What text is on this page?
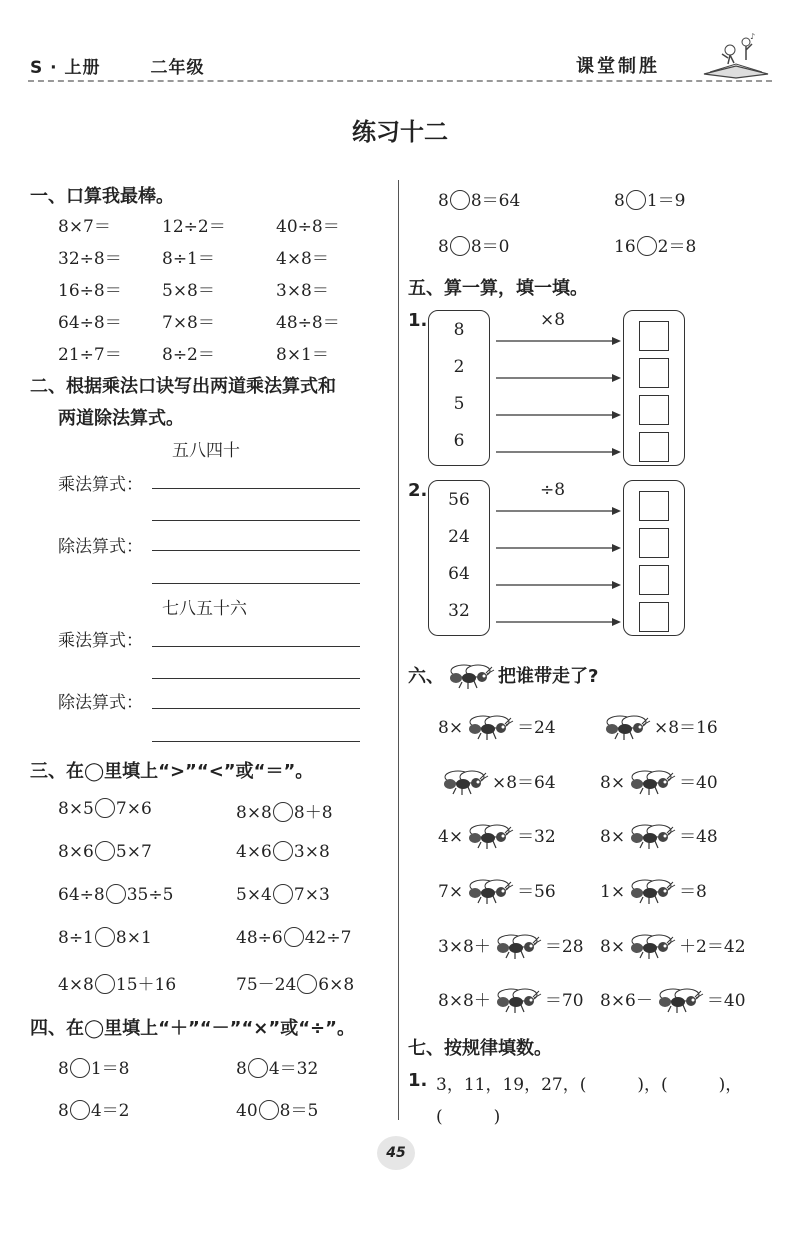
S · 上册	二年级	课堂制胜
♪
练习十二
一、口算我最棒。
8×7＝	12÷2＝	40÷8＝
32÷8＝ 8÷1＝	4×8＝
16÷8＝ 5×8＝	3×8＝
64÷8＝ 7×8＝	48÷8＝
21÷7＝ 8÷2＝	8×1＝
二、根据乘法口诀写出两道乘法算式和
两道除法算式。
五八四十
乘法算式：
除法算式：
七八五十六
乘法算式：
除法算式：
三、在◯里填上“>”“<”或“＝”。
8×5 7×6	8×8 8＋8
8×6 5×7	4×6 3×8
64÷8 35÷5	5×4 7×3
8÷1 8×1	48÷6 42÷7
4×8 15＋16	75－24 6×8
四、在◯里填上“＋”“－”“×”或“÷”。
8 1＝8	8 4＝32
8 4＝2	40 8＝5
8 8＝64	8 1＝9
8 8＝0	16 2＝8
五、算一算，填一填。
1.	×8
8
2
5
6
2.	÷8
56
24
64
32
六、	把谁带走了?
8×	＝24	×8＝16
×8＝64	8×	＝40
4×	＝32	8×	＝48
7×	＝56	1×	＝8
3×8＋	＝28 8×	＋2＝42
8×8＋	＝70 8×6－	＝40
七、按规律填数。
1. 3，11，19，27，(　　　)，(　　　)，
(　　　)
45
